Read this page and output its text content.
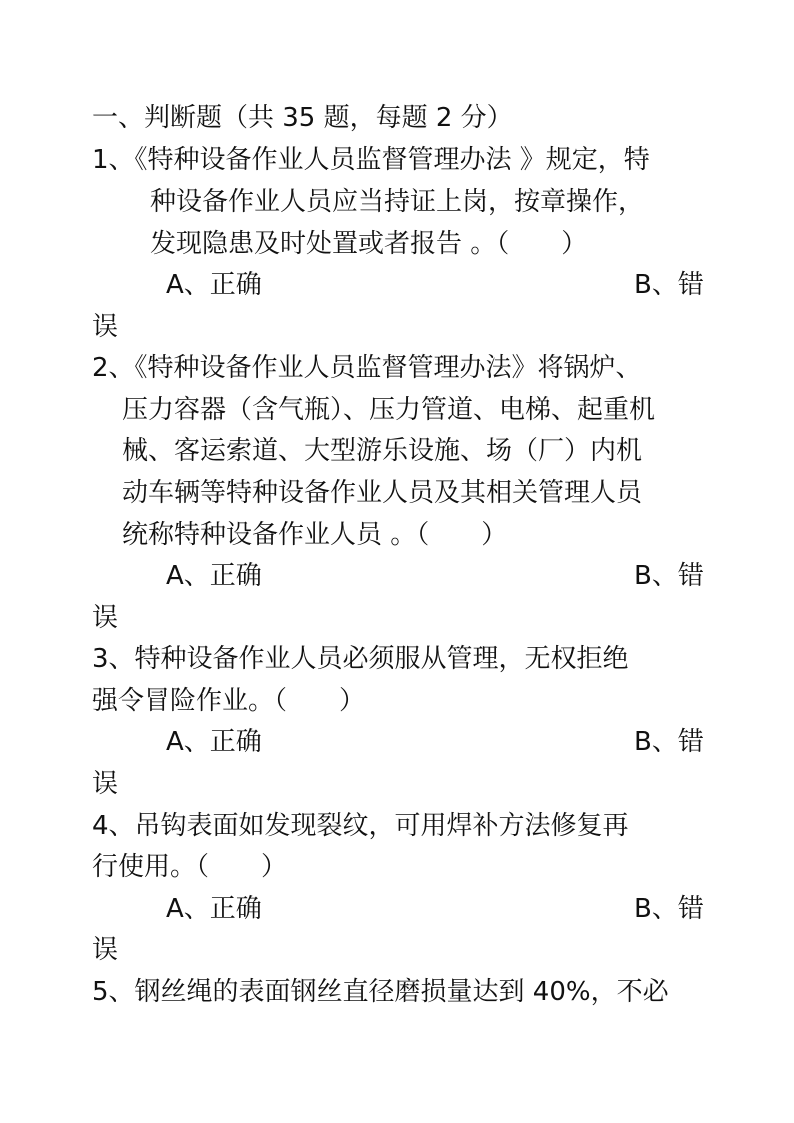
一、判断题（共 35 题，每题 2 分）
1、《特种设备作业人员监督管理办法 》规定，特
种设备作业人员应当持证上岗，按章操作，
发现隐患及时处置或者报告 。（　　）
A、正确	B、错
误
2、《特种设备作业人员监督管理办法》将锅炉、
压力容器（含气瓶）、压力管道、电梯、起重机
械、客运索道、大型游乐设施、场（厂）内机
动车辆等特种设备作业人员及其相关管理人员
统称特种设备作业人员 。（　　）
A、正确	B、错
误
3、特种设备作业人员必须服从管理，无权拒绝
强令冒险作业。（　　）
A、正确	B、错
误
4、吊钩表面如发现裂纹，可用焊补方法修复再
行使用。（　　）
A、正确	B、错
误
5、钢丝绳的表面钢丝直径磨损量达到 40%，不必
